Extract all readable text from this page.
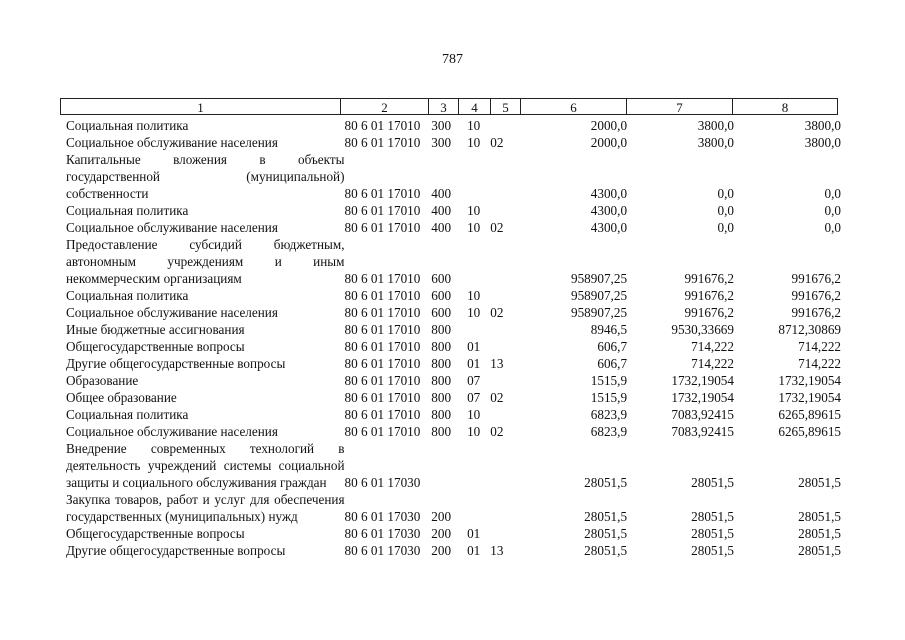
787
1	2	3	4	5	6	7	8
Социальная политика	80 6 01 17010	300	10		2000,0	3800,0	3800,0
Социальное обслуживание населения	80 6 01 17010	300	10	02	2000,0	3800,0	3800,0
Капитальные вложения в объекты государственной (муниципальной) собственности	80 6 01 17010	400			4300,0	0,0	0,0
Социальная политика	80 6 01 17010	400	10		4300,0	0,0	0,0
Социальное обслуживание населения	80 6 01 17010	400	10	02	4300,0	0,0	0,0
Предоставление субсидий бюджетным, автономным учреждениям и иным некоммерческим организациям	80 6 01 17010	600			958907,25	991676,2	991676,2
Социальная политика	80 6 01 17010	600	10		958907,25	991676,2	991676,2
Социальное обслуживание населения	80 6 01 17010	600	10	02	958907,25	991676,2	991676,2
Иные бюджетные ассигнования	80 6 01 17010	800			8946,5	9530,33669	8712,30869
Общегосударственные вопросы	80 6 01 17010	800	01		606,7	714,222	714,222
Другие общегосударственные вопросы	80 6 01 17010	800	01	13	606,7	714,222	714,222
Образование	80 6 01 17010	800	07		1515,9	1732,19054	1732,19054
Общее образование	80 6 01 17010	800	07	02	1515,9	1732,19054	1732,19054
Социальная политика	80 6 01 17010	800	10		6823,9	7083,92415	6265,89615
Социальное обслуживание населения	80 6 01 17010	800	10	02	6823,9	7083,92415	6265,89615
Внедрение современных технологий в деятельность учреждений системы социальной защиты и социального обслуживания граждан	80 6 01 17030				28051,5	28051,5	28051,5
Закупка товаров, работ и услуг для обеспечения государственных (муниципальных) нужд	80 6 01 17030	200			28051,5	28051,5	28051,5
Общегосударственные вопросы	80 6 01 17030	200	01		28051,5	28051,5	28051,5
Другие общегосударственные вопросы	80 6 01 17030	200	01	13	28051,5	28051,5	28051,5
